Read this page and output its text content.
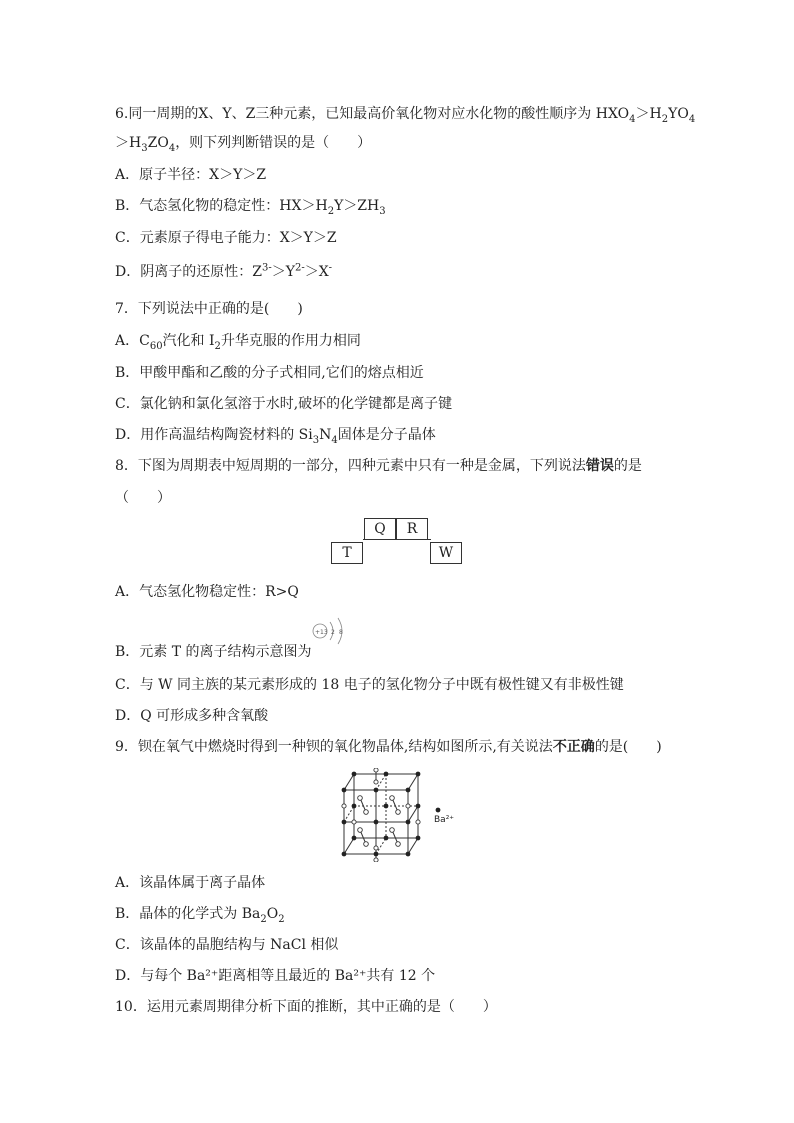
6.同一周期的X、Y、Z三种元素，已知最高价氧化物对应水化物的酸性顺序为 $HXO_4>H_2YO_4$
$>H_3ZO_4$，则下列判断错误的是（　　）
A．原子半径：X＞Y＞Z
B．气态氢化物的稳定性：$HX>H_2Y>ZH_3$
C．元素原子得电子能力：X＞Y＞Z
D．阴离子的还原性：$Z^{3-}>Y^{2-}>X^-$
7．下列说法中正确的是(　　)
A．$C_{60}$汽化和 $I_2$升华克服的作用力相同
B．甲酸甲酯和乙酸的分子式相同,它们的熔点相近
C．氯化钠和氯化氢溶于水时,破坏的化学键都是离子键
D．用作高温结构陶瓷材料的 $Si_3N_4$固体是分子晶体
8．下图为周期表中短周期的一部分，四种元素中只有一种是金属，下列说法错误的是
（　　）
Q	R
T	W
A．气态氢化物稳定性：R>Q
B．元素 T 的离子结构示意图为
+13 2 8
C．与 W 同主族的某元素形成的 18 电子的氢化物分子中既有极性键又有非极性键
D．Q 可形成多种含氧酸
9．钡在氧气中燃烧时得到一种钡的氧化物晶体,结构如图所示,有关说法不正确的是(　　)
Ba²⁺
A．该晶体属于离子晶体
B．晶体的化学式为 $Ba_2O_2$
C．该晶体的晶胞结构与 NaCl 相似
D．与每个 Ba²⁺距离相等且最近的 Ba²⁺共有 12 个
10．运用元素周期律分析下面的推断，其中正确的是（　　）
